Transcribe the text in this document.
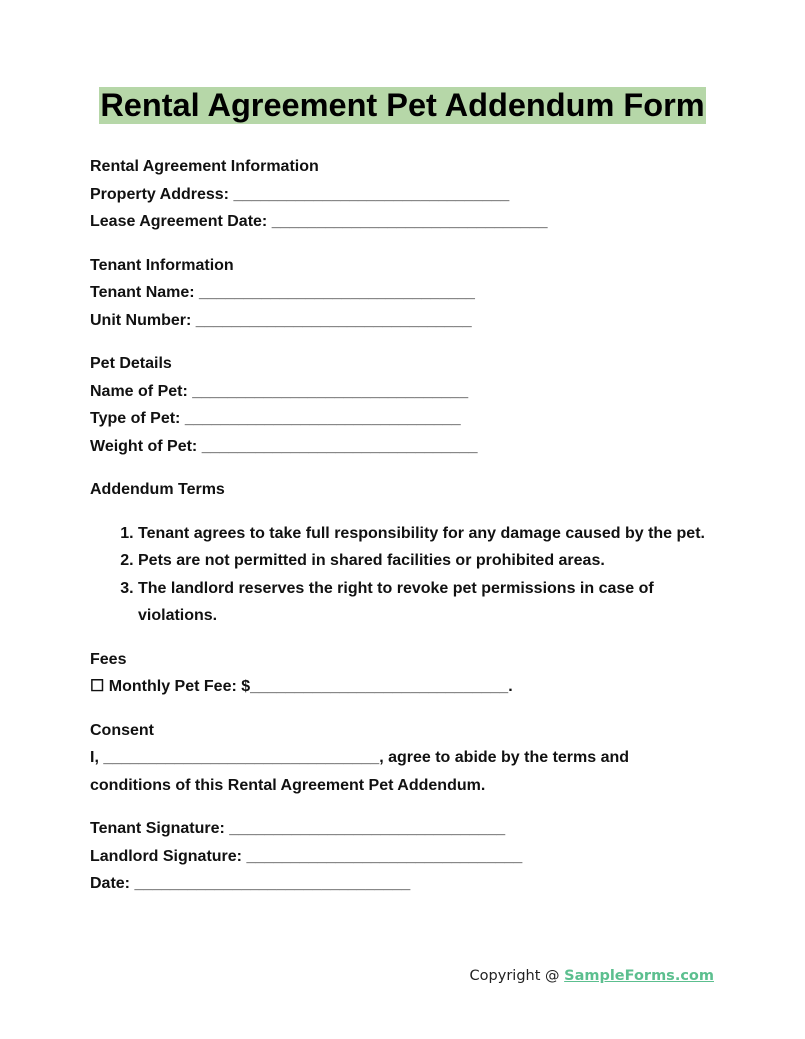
Rental Agreement Pet Addendum Form
Rental Agreement Information
Property Address: _______________________________
Lease Agreement Date: _______________________________
Tenant Information
Tenant Name: _______________________________
Unit Number: _______________________________
Pet Details
Name of Pet: _______________________________
Type of Pet: _______________________________
Weight of Pet: _______________________________
Addendum Terms
1. Tenant agrees to take full responsibility for any damage caused by the pet.
2. Pets are not permitted in shared facilities or prohibited areas.
3. The landlord reserves the right to revoke pet permissions in case of violations.
Fees
☐ Monthly Pet Fee: $_____________________________.
Consent
I, _______________________________, agree to abide by the terms and conditions of this Rental Agreement Pet Addendum.
Tenant Signature: _______________________________
Landlord Signature: _______________________________
Date: _______________________________
Copyright @ SampleForms.com
